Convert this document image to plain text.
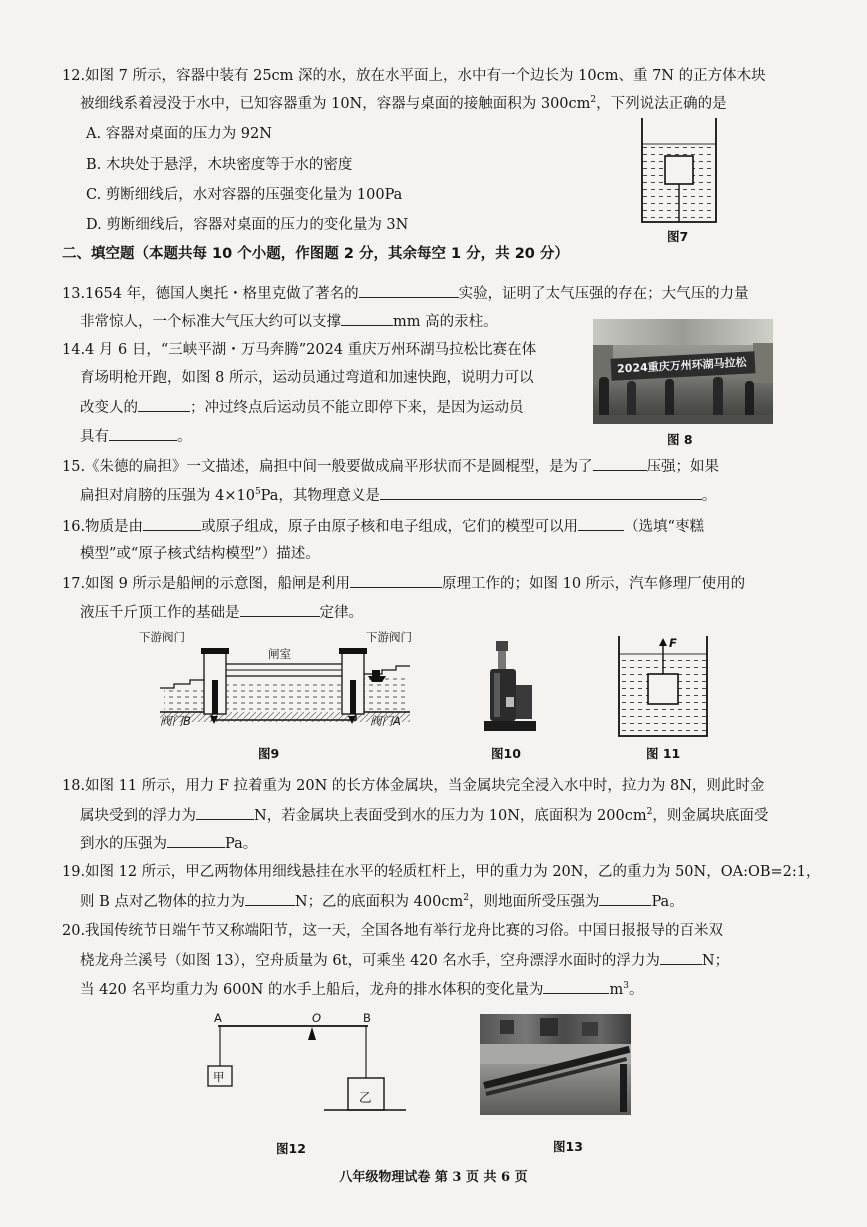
12.如图 7 所示，容器中装有 25cm 深的水，放在水平面上，水中有一个边长为 10cm、重 7N 的正方体木块
被细线系着浸没于水中，已知容器重为 10N，容器与桌面的接触面积为 $300cm^2$，下列说法正确的是
A. 容器对桌面的压力为 92N
B. 木块处于悬浮，木块密度等于水的密度
C. 剪断细线后，水对容器的压强变化量为 100Pa
D. 剪断细线后，容器对桌面的压力的变化量为 3N
图7
二、填空题（本题共每 10 个小题，作图题 2 分，其余每空 1 分，共 20 分）
13.1654 年，德国人奥托・格里克做了著名的	实验，证明了太气压强的存在；大气压的力量
非常惊人，一个标准大气压大约可以支撑	mm 高的汞柱。
14.4 月 6 日，“三峡平湖・万马奔腾”2024 重庆万州环湖马拉松比赛在体
育场明枪开跑，如图 8 所示，运动员通过弯道和加速快跑，说明力可以
改变人的	；冲过终点后运动员不能立即停下来，是因为运动员
具有	。
2024重庆万州环湖马拉松
图 8
15.《朱德的扁担》一文描述，扁担中间一般要做成扁平形状而不是圆棍型，是为了	压强；如果
扁担对肩膀的压强为 $4\times 10^5Pa$，其物理意义是	。
16.物质是由	或原子组成，原子由原子核和电子组成，它们的模型可以用	（选填“枣糕
模型”或“原子核式结构模型”）描述。
17.如图 9 所示是船闸的示意图，船闸是利用	原理工作的；如图 10 所示，汽车修理厂使用的
液压千斤顶工作的基础是	定律。
下游阀门	下游阀门
闸室
阀门B	阀门A
图9	图10
F
图 11
18.如图 11 所示，用力 F 拉着重为 20N 的长方体金属块，当金属块完全浸入水中时，拉力为 8N，则此时金
属块受到的浮力为	N，若金属块上表面受到水的压力为 10N，底面积为 $200cm^2$，则金属块底面受
到水的压强为	Pa。
19.如图 12 所示，甲乙两物体用细线悬挂在水平的轻质杠杆上，甲的重力为 20N，乙的重力为 50N，OA:OB=2:1，
则 B 点对乙物体的拉力为	N；乙的底面积为 $400cm^2$，则地面所受压强为	Pa。
20.我国传统节日端午节又称端阳节，这一天，全国各地有举行龙舟比赛的习俗。中国日报报导的百米双
桡龙舟兰溪号（如图 13），空舟质量为 6t，可乘坐 420 名水手，空舟漂浮水面时的浮力为	N；
当 420 名平均重力为 600N 的水手上船后，龙舟的排水体积的变化量为	$m^3$。
A	O	B
甲
乙
图12	图13
八年级物理试卷 第 3 页 共 6 页
